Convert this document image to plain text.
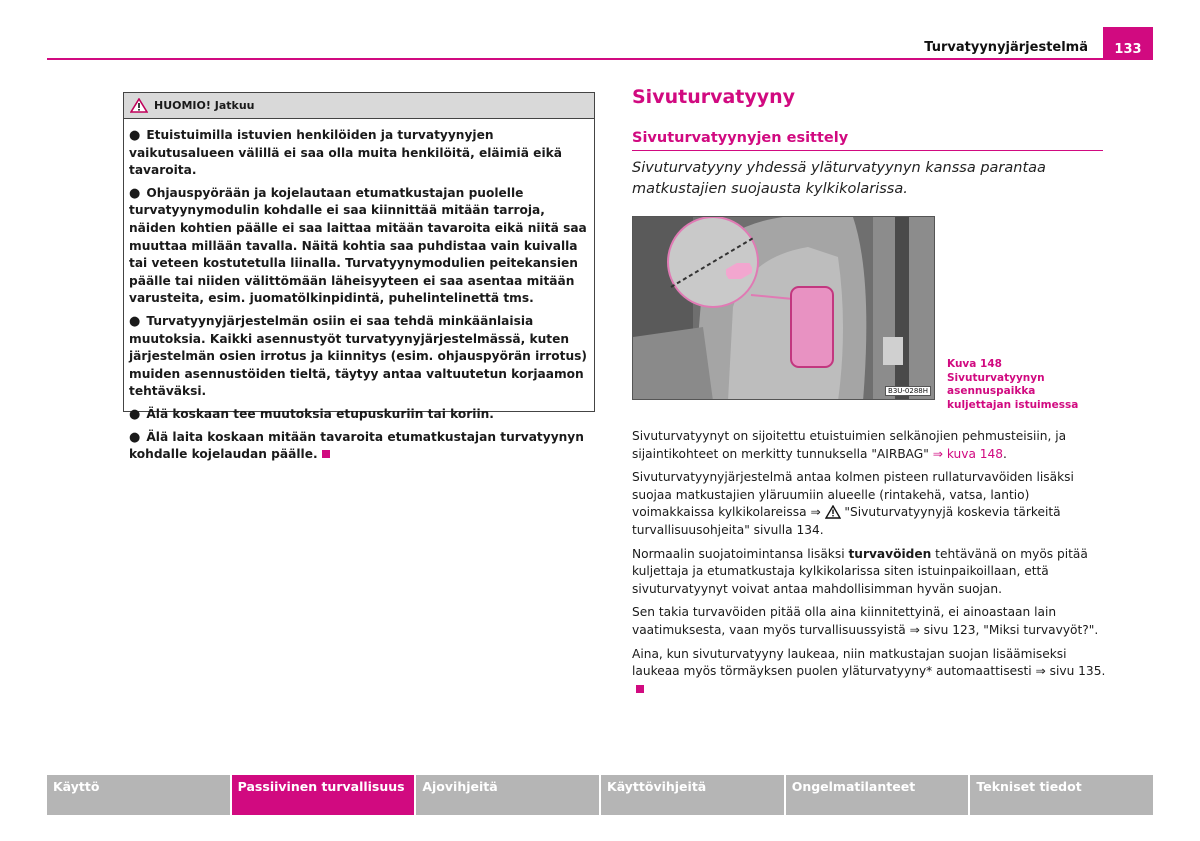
Turvatyynyjärjestelmä	133
HUOMIO! Jatkuu

● Etuistuimilla istuvien henkilöiden ja turvatyynyjen vaikutusalueen välillä ei saa olla muita henkilöitä, eläimiä eikä tavaroita.

● Ohjauspyörään ja kojelautaan etumatkustajan puolelle turvatyynymodulin kohdalle ei saa kiinnittää mitään tarroja, näiden kohtien päälle ei saa laittaa mitään tavaroita eikä niitä saa muuttaa millään tavalla. Näitä kohtia saa puhdistaa vain kuivalla tai veteen kostutetulla liinalla. Turvatyynymodulien peitekansien päälle tai niiden välittömään läheisyyteen ei saa asentaa mitään varusteita, esim. juomatölkinpidintä, puhelintelinettä tms.

● Turvatyynyjärjestelmän osiin ei saa tehdä minkäänlaisia muutoksia. Kaikki asennustyöt turvatyynyjärjestelmässä, kuten järjestelmän osien irrotus ja kiinnitys (esim. ohjauspyörän irrotus) muiden asennustöiden tieltä, täytyy antaa valtuutetun korjaamon tehtäväksi.

● Älä koskaan tee muutoksia etupuskuriin tai koriin.

● Älä laita koskaan mitään tavaroita etumatkustajan turvatyynyn kohdalle kojelaudan päälle.

Sivuturvatyyny
Sivuturvatyynyjen esittely
Sivuturvatyyny yhdessä yläturvatyynyn kanssa parantaa matkustajien suojausta kylkikolarissa.
B3U-0288H
Kuva 148 Sivuturvatyynyn asennuspaikka kuljettajan istuimessa

Sivuturvatyynyt on sijoitettu etuistuimien selkänojien pehmusteisiin, ja sijaintikohteet on merkitty tunnuksella "AIRBAG" ⇒ kuva 148.

Sivuturvatyynyjärjestelmä antaa kolmen pisteen rullaturvavöiden lisäksi suojaa matkustajien yläruumiin alueelle (rintakehä, vatsa, lantio) voimakkaissa kylkikolareissa ⇒  "Sivuturvatyynyjä koskevia tärkeitä turvallisuusohjeita" sivulla 134.

Normaalin suojatoimintansa lisäksi turvavöiden tehtävänä on myös pitää kuljettaja ja etumatkustaja kylkikolarissa siten istuinpaikoillaan, että sivuturvatyynyt voivat antaa mahdollisimman hyvän suojan.

Sen takia turvavöiden pitää olla aina kiinnitettyinä, ei ainoastaan lain vaatimuksesta, vaan myös turvallisuussyistä ⇒ sivu 123, "Miksi turvavyöt?".

Aina, kun sivuturvatyyny laukeaa, niin matkustajan suojan lisäämiseksi laukeaa myös törmäyksen puolen yläturvatyyny* automaattisesti ⇒ sivu 135.

Käyttö	Passiivinen turvallisuus	Ajovihjeitä	Käyttövihjeitä	Ongelmatilanteet	Tekniset tiedot
